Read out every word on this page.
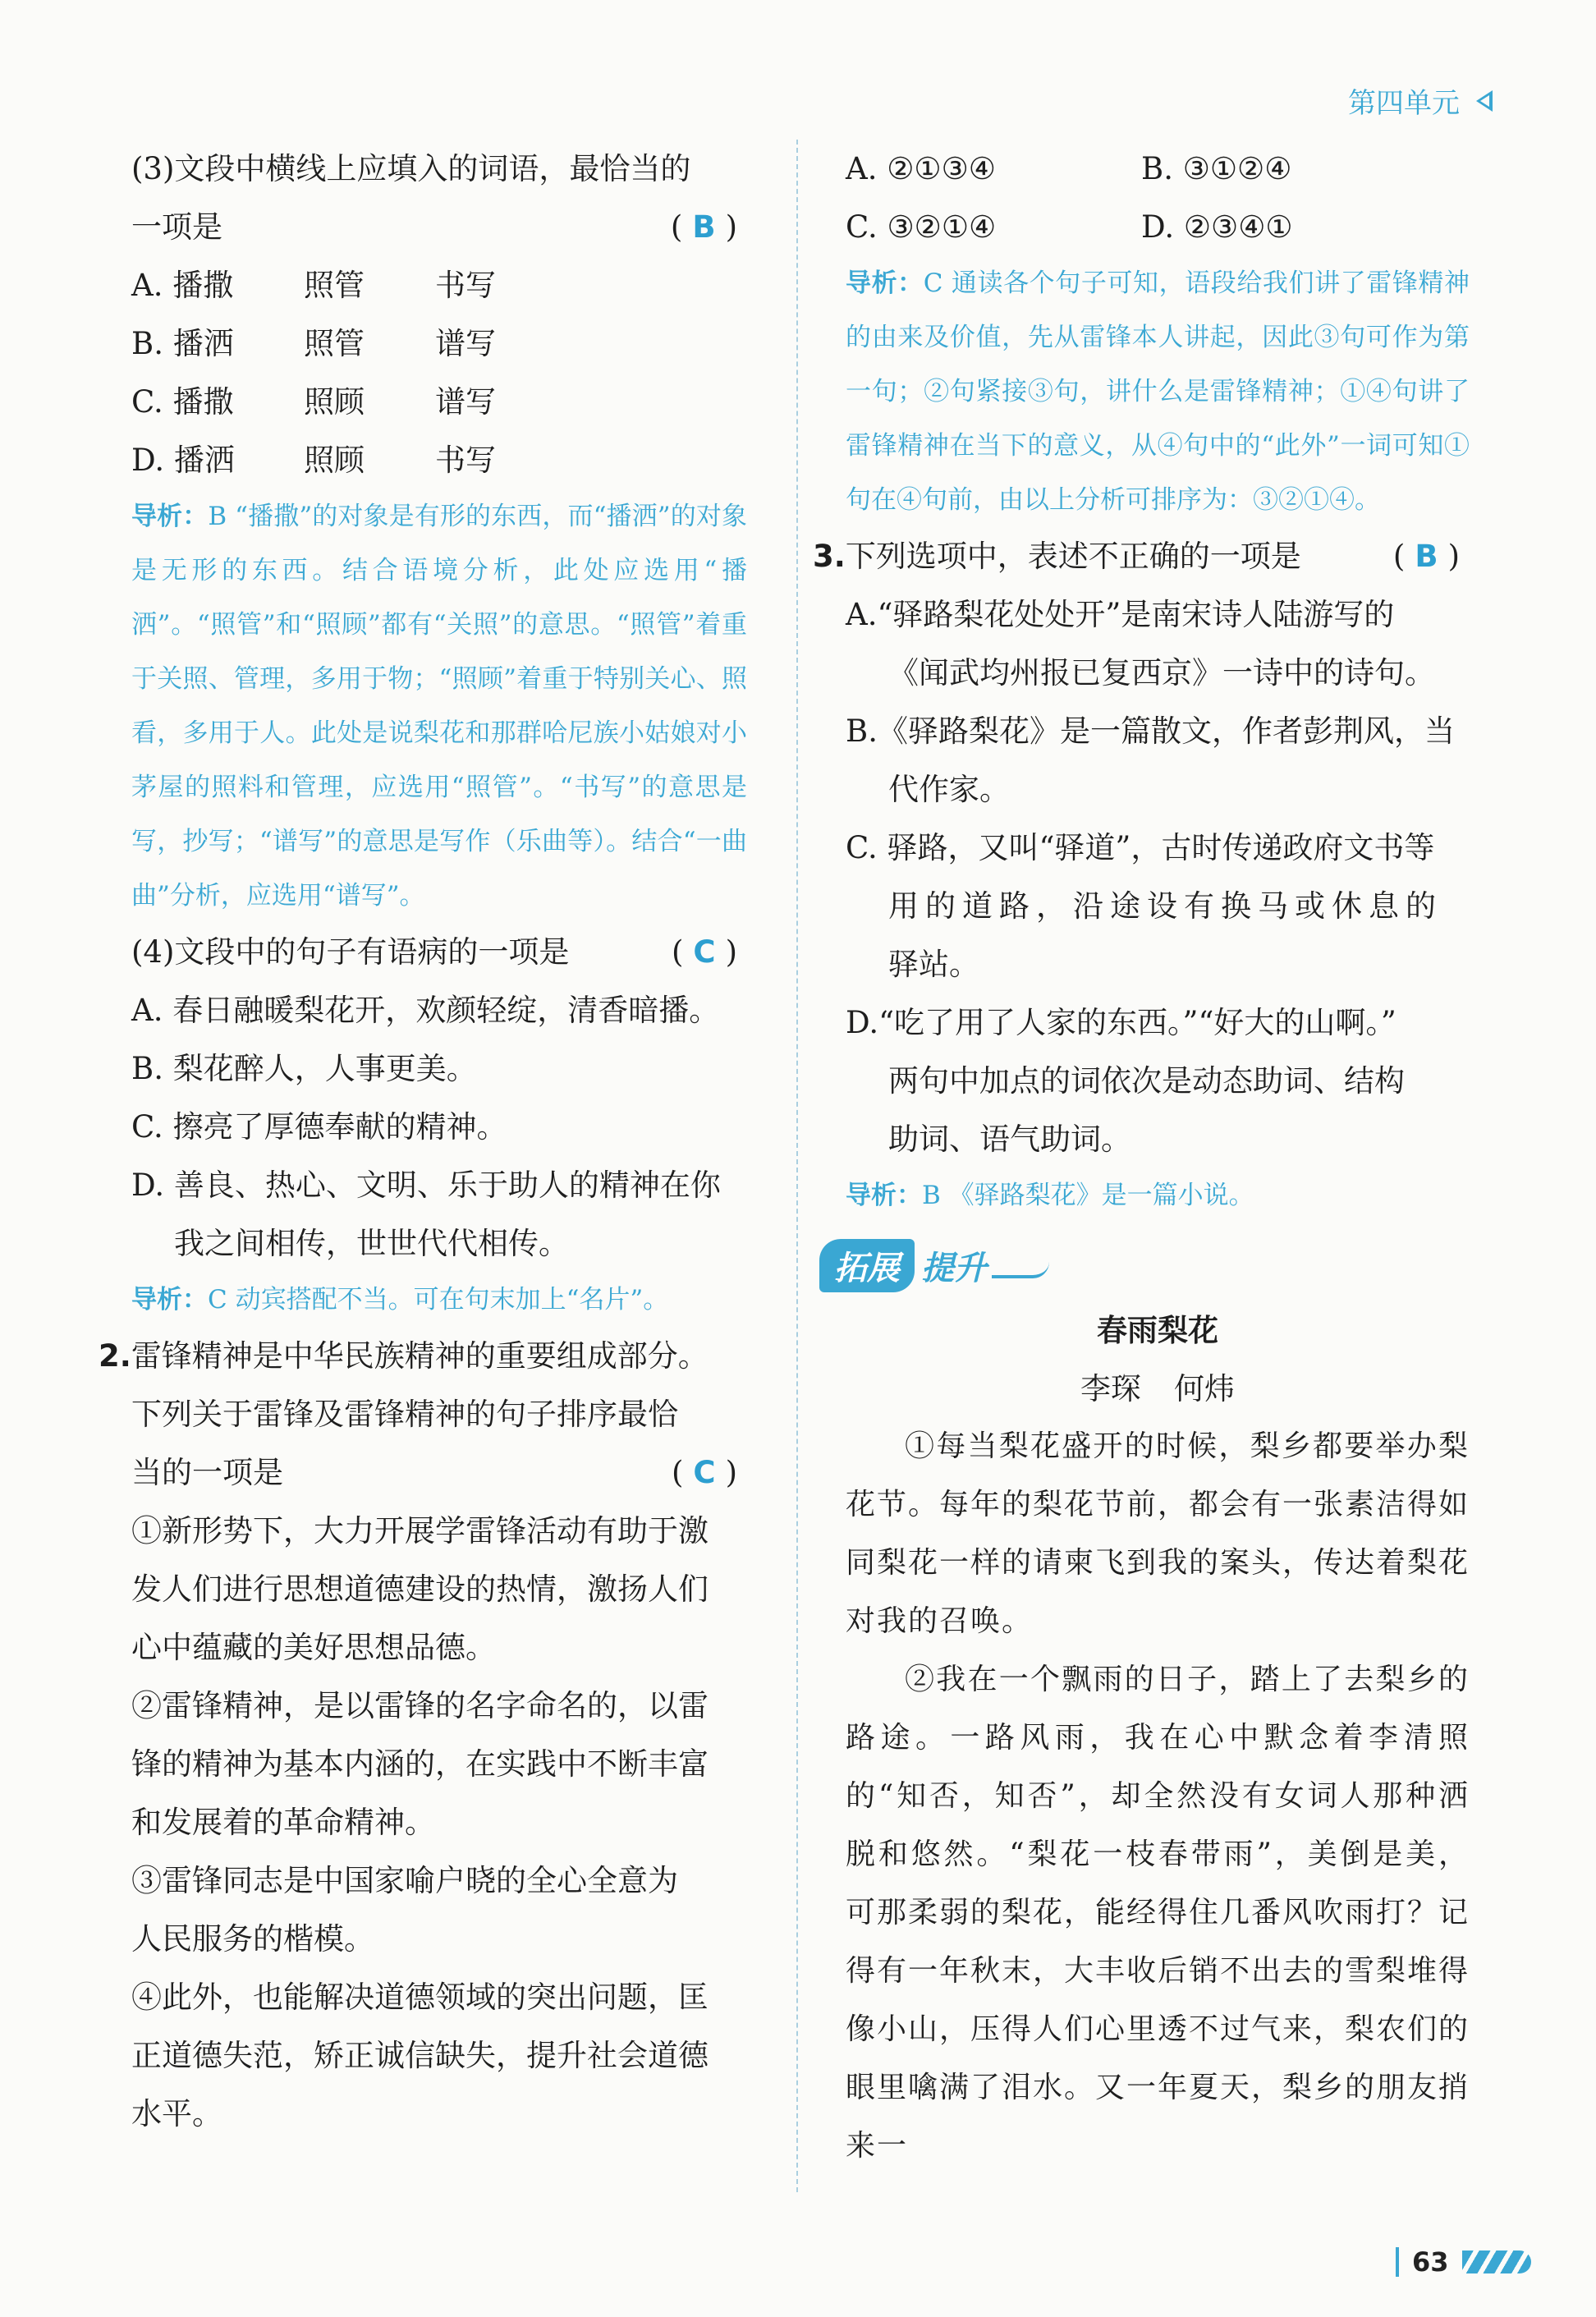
第四单元

(3)文段中横线上应填入的词语，最恰当的

一项是	(B)
A. 播撒	照管	书写
B. 播洒	照管	谱写
C. 播撒	照顾	谱写
D. 播洒	照顾	书写

导析：B “播撒”的对象是有形的东西，而“播洒”的对象是无形的东西。结合语境分析，此处应选用“播洒”。“照管”和“照顾”都有“关照”的意思。“照管”着重于关照、管理，多用于物；“照顾”着重于特别关心、照看，多用于人。此处是说梨花和那群哈尼族小姑娘对小茅屋的照料和管理，应选用“照管”。“书写”的意思是写，抄写；“谱写”的意思是写作（乐曲等）。结合“一曲曲”分析，应选用“谱写”。

(4)文段中的句子有语病的一项是	(C)

A. 春日融暖梨花开，欢颜轻绽，清香暗播。

B. 梨花醉人，人事更美。

C. 擦亮了厚德奉献的精神。

D. 善良、热心、文明、乐于助人的精神在你

我之间相传，世世代代相传。

导析：C 动宾搭配不当。可在句末加上“名片”。

2.雷锋精神是中华民族精神的重要组成部分。

下列关于雷锋及雷锋精神的句子排序最恰

当的一项是	(C)

①新形势下，大力开展学雷锋活动有助于激

发人们进行思想道德建设的热情，激扬人们

心中蕴藏的美好思想品德。

②雷锋精神，是以雷锋的名字命名的，以雷

锋的精神为基本内涵的，在实践中不断丰富

和发展着的革命精神。

③雷锋同志是中国家喻户晓的全心全意为

人民服务的楷模。

④此外，也能解决道德领域的突出问题，匡

正道德失范，矫正诚信缺失，提升社会道德

水平。

A. ②①③④	B. ③①②④
C. ③②①④	D. ②③④①

导析：C 通读各个句子可知，语段给我们讲了雷锋精神的由来及价值，先从雷锋本人讲起，因此③句可作为第一句；②句紧接③句，讲什么是雷锋精神；①④句讲了雷锋精神在当下的意义，从④句中的“此外”一词可知①句在④句前，由以上分析可排序为：③②①④。

3.下列选项中，表述不正确的一项是	(B)

A.“驿路梨花处处开”是南宋诗人陆游写的

《闻武均州报已复西京》一诗中的诗句。

B.《驿路梨花》是一篇散文，作者彭荆风，当

代作家。

C. 驿路，又叫“驿道”，古时传递政府文书等

用的道路，沿途设有换马或休息的

驿站。

D.“吃了用了人家的东西。”“好大的山啊。”

两句中加点的词依次是动态助词、结构

助词、语气助词。

导析：B 《驿路梨花》是一篇小说。

拓展 提升

春雨梨花

李琛 何炜

①每当梨花盛开的时候，梨乡都要举办梨花节。每年的梨花节前，都会有一张素洁得如同梨花一样的请柬飞到我的案头，传达着梨花对我的召唤。

②我在一个飘雨的日子，踏上了去梨乡的路途。一路风雨，我在心中默念着李清照的“知否，知否”，却全然没有女词人那种洒脱和悠然。“梨花一枝春带雨”，美倒是美，可那柔弱的梨花，能经得住几番风吹雨打？记得有一年秋末，大丰收后销不出去的雪梨堆得像小山，压得人们心里透不过气来，梨农们的眼里噙满了泪水。又一年夏天，梨乡的朋友捎来一

63
